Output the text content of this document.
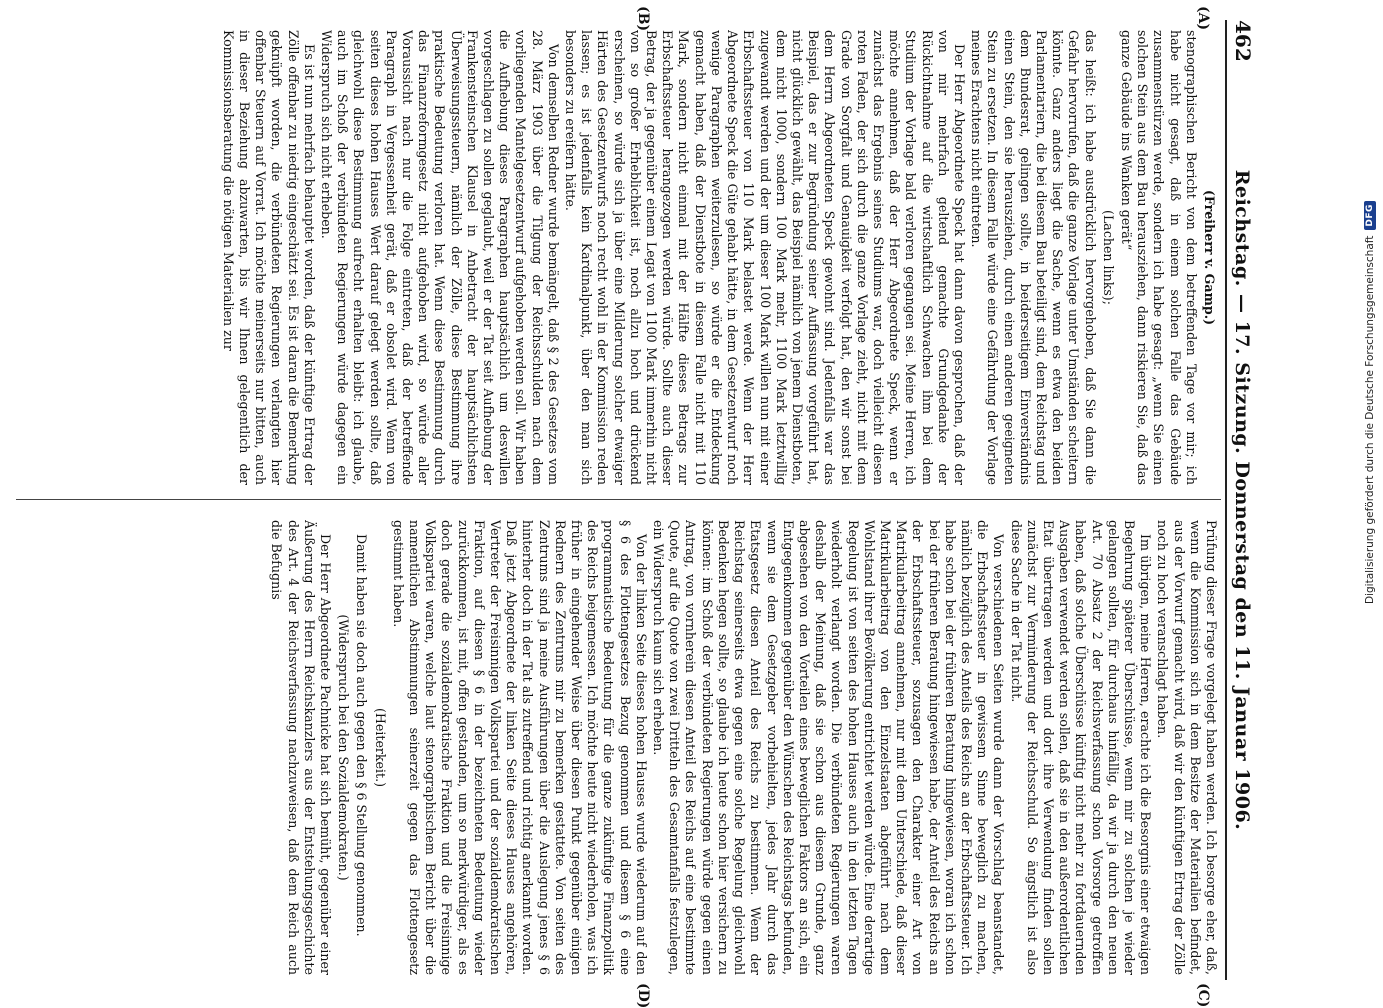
462
Reichstag. — 17. Sitzung. Donnerstag den 11. Januar 1906.
(A)
(B)
(C)
(D)

(Freiherr v. Gamp.)

stenographischen Bericht von dem betreffenden Tage vor mir; ich habe nicht gesagt, daß in einem solchen Falle das Gebäude zusammenstürzen werde, sondern ich habe gesagt: „wenn Sie einen solchen Stein aus dem Bau herausziehen, dann riskieren Sie, daß das ganze Gebäude ins Wanken gerät“

(Lachen links);

das heißt: ich habe ausdrücklich hervorgehoben, daß Sie dann die Gefahr hervorrufen, daß die ganze Vorlage unter Umständen scheitern könnte. Ganz anders liegt die Sache, wenn es etwa den beiden Parlamentariern, die bei diesem Bau beteiligt sind, dem Reichstag und dem Bundesrat, gelingen sollte, in beiderseitigem Einverständnis einen Stein, den sie herausziehen, durch einen anderen geeigneten Stein zu ersetzen. In diesem Falle würde eine Gefährdung der Vorlage meines Erachtens nicht eintreten.

Der Herr Abgeordnete Speck hat dann davon gesprochen, daß der von mir mehrfach geltend gemachte Grundgedanke der Rückichtnahme auf die wirtschaftlich Schwachen ihm bei dem Studium der Vorlage bald verloren gegangen sei. Meine Herren, ich möchte annehmen, daß der Herr Abgeordnete Speck, wenn er zunächst das Ergebnis seines Studiums war, doch vielleicht diesen roten Faden, der sich durch die ganze Vorlage zieht, nicht mit dem Grade von Sorgfalt und Genauigkeit verfolgt hat, den wir sonst bei dem Herrn Abgeordneten Speck gewohnt sind. Jedenfalls war das Beispiel, das er zur Begründung seiner Auffassung vorgeführt hat, nicht glücklich gewählt, das Beispiel nämlich von jenem Dienstboten, dem nicht 1000, sondern 100 Mark mehr, 1100 Mark letztwillig zugewandt werden und der um dieser 100 Mark willen nun mit einer Erbschaftssteuer von 110 Mark belastet werde. Wenn der Herr Abgeordnete Speck die Güte gehabt hätte, in dem Gesetzentwurf noch wenige Paragraphen weiterzulesen, so würde er die Entdeckung gemacht haben, daß der Dienstbote in diesem Falle nicht mit 110 Mark, sondern nicht einmal mit der Hälfte dieses Betrags zur Erbschaftssteuer herangezogen werden würde. Sollte auch dieser Betrag, der ja gegenüber einem Legat von 1100 Mark immerhin nicht von so großer Erheblichkeit ist, noch allzu hoch und drückend erscheinen, so würde sich ja über eine Milderung solcher etwaiger Härten des Gesetzentwurfs noch recht wohl in der Kommission reden lassen; es ist jedenfalls kein Kardinalpunkt, über den man sich besonders zu ereifern hätte.

Von demselben Redner wurde bemängelt, daß § 2 des Gesetzes vom 28. März 1903 über die Tilgung der Reichsschulden nach dem vorliegenden Mantelgesetzentwurf aufgehoben werden soll. Wir haben die Aufhebung dieses Paragraphen hauptsächlich um deswillen vorgeschlagen zu sollen geglaubt, weil er der Tat seit Aufhebung der Frankensteinschen Klausel in Anbetracht der hauptsächlichsten Überweisungssteuern, nämlich der Zölle, diese Bestimmung ihre praktische Bedeutung verloren hat. Wenn diese Bestimmung durch das Finanzreformgesetz nicht aufgehoben wird, so würde aller Voraussicht nach nur die Folge eintreten, daß der betreffende Paragraph in Vergessenheit gerät, daß er obsolet wird. Wenn von seiten dieses hohen Hauses Wert darauf gelegt werden sollte, daß gleichwohl diese Bestimmung aufrecht erhalten bleibt: ich glaube, auch im Schoß der verbündeten Regierungen würde dagegen ein Widerspruch sich nicht erheben.

Es ist nun mehrfach behauptet worden, daß der künftige Ertrag der Zölle offenbar zu niedrig eingeschätzt sei. Es ist daran die Bemerkung geknüpft worden, die verbündeten Regierungen verlangten hier offenbar Steuern auf Vorrat. Ich möchte meinerseits nur bitten, auch in dieser Beziehung abzuwarten, bis wir Ihnen gelegentlich der Kommissionsberatung die nötigen Materialien zur

Prüfung dieser Frage vorgelegt haben werden. Ich besorge eher, daß, wenn die Kommission sich in dem Besitze der Materialien befindet, aus der Vorwurf gemacht wird, daß wir den künftigen Ertrag der Zölle noch zu hoch veranschlagt haben.

Im übrigen, meine Herren, erachte ich die Besorgnis einer etwaigen Begehrung späterer Überschüsse, wenn mir zu solchen je wieder gelangen sollten, für durchaus hinfällig, da wir ja durch den neuen Art. 70 Absatz 2 der Reichsverfassung schon Vorsorge getroffen haben, daß solche Überschüsse künftig nicht mehr zu fortdauernden Ausgaben verwendet werden sollen, daß sie in den außerordentlichen Etat übertragen werden und dort ihre Verwendung finden sollen zunächst zur Verminderung der Reichsschuld. So ängstlich ist also diese Sache in der Tat nicht.

Von verschiedenen Seiten wurde dann der Vorschlag beanstandet, die Erbschaftssteuer in gewissem Sinne beweglich zu machen, nämlich bezüglich des Anteils des Reichs an der Erbschaftssteuer. Ich habe schon bei der früheren Beratung hingewiesen, woran ich schon bei der früheren Beratung hingewiesen habe, der Anteil des Reichs an der Erbschaftssteuer, sozusagen den Charakter einer Art von Matrikularbeitrag annehmen, nur mit dem Unterschiede, daß dieser Matrikularbeitrag von den Einzelstaaten abgeführt nach dem Wohlstand ihrer Bevölkerung entrichtet werden würde. Eine derartige Regelung ist von seiten des hohen Hauses auch in den letzten Tagen wiederholt verlangt worden. Die verbündeten Regierungen waren deshalb der Meinung, daß sie schon aus diesem Grunde, ganz abgesehen von den Vorteilen eines beweglichen Faktors an sich, ein Entgegenkommen gegenüber den Wünschen des Reichstags befunden, wenn sie dem Gesetzgeber vorbehielten, jedes Jahr durch das Etatsgesetz diesen Anteil des Reichs zu bestimmen. Wenn der Reichstag seinerseits etwa gegen eine solche Regelung gleichwohl Bedenken hegen sollte, so glaube ich heute schon hier versichern zu können: im Schoß der verbündeten Regierungen würde gegen einen Antrag, von vornherein diesen Anteil des Reichs auf eine bestimmte Quote, auf die Quote von zwei Dritteln des Gesamtanfalls festzulegen, ein Widerspruch kaum sich erheben.

Von der linken Seite dieses hohen Hauses wurde wiederum auf den § 6 des Flottengesetzes Bezug genommen und diesem § 6 eine programmatische Bedeutung für die ganze zukünftige Finanzpolitik des Reichs beigemessen. Ich möchte heute nicht wiederholen, was ich früher in eingehender Weise über diesen Punkt gegenüber einigen Rednern des Zentrums mir zu bemerken gestattete. Von seiten des Zentrums sind ja meine Ausführungen über die Auslegung jenes § 6 hinterher doch in der Tat als zutreffend und richtig anerkannt worden. Daß jetzt Abgeordnete der linken Seite dieses Hauses angehören, Vertreter der Freisinnigen Volkspartei und der sozialdemokratischen Fraktion, auf diesen § 6 in der bezeichneten Bedeutung wieder zurückkommen, ist mit, offen gestanden, um so merkwürdiger, als es doch gerade die sozialdemokratische Fraktion und die Freisinnige Volkspartei waren, welche laut stenographischem Bericht über die namentlichen Abstimmungen seinerzeit gegen das Flottengesetz gestimmt haben.

(Heiterkeit.)

Damit haben sie doch auch gegen den § 6 Stellung genommen.

(Widerspruch bei den Sozialdemokraten.)

Der Herr Abgeordnete Pachnicke hat sich bemüht, gegenüber einer Äußerung des Herrn Reichskanzlers aus der Entstehungsgeschichte des Art. 4 der Reichsverfassung nachzuweisen, daß dem Reich auch die Befugnis	Digitalisierung gefördert durch die Deutsche Forschungsgemeinschaft
DFG
